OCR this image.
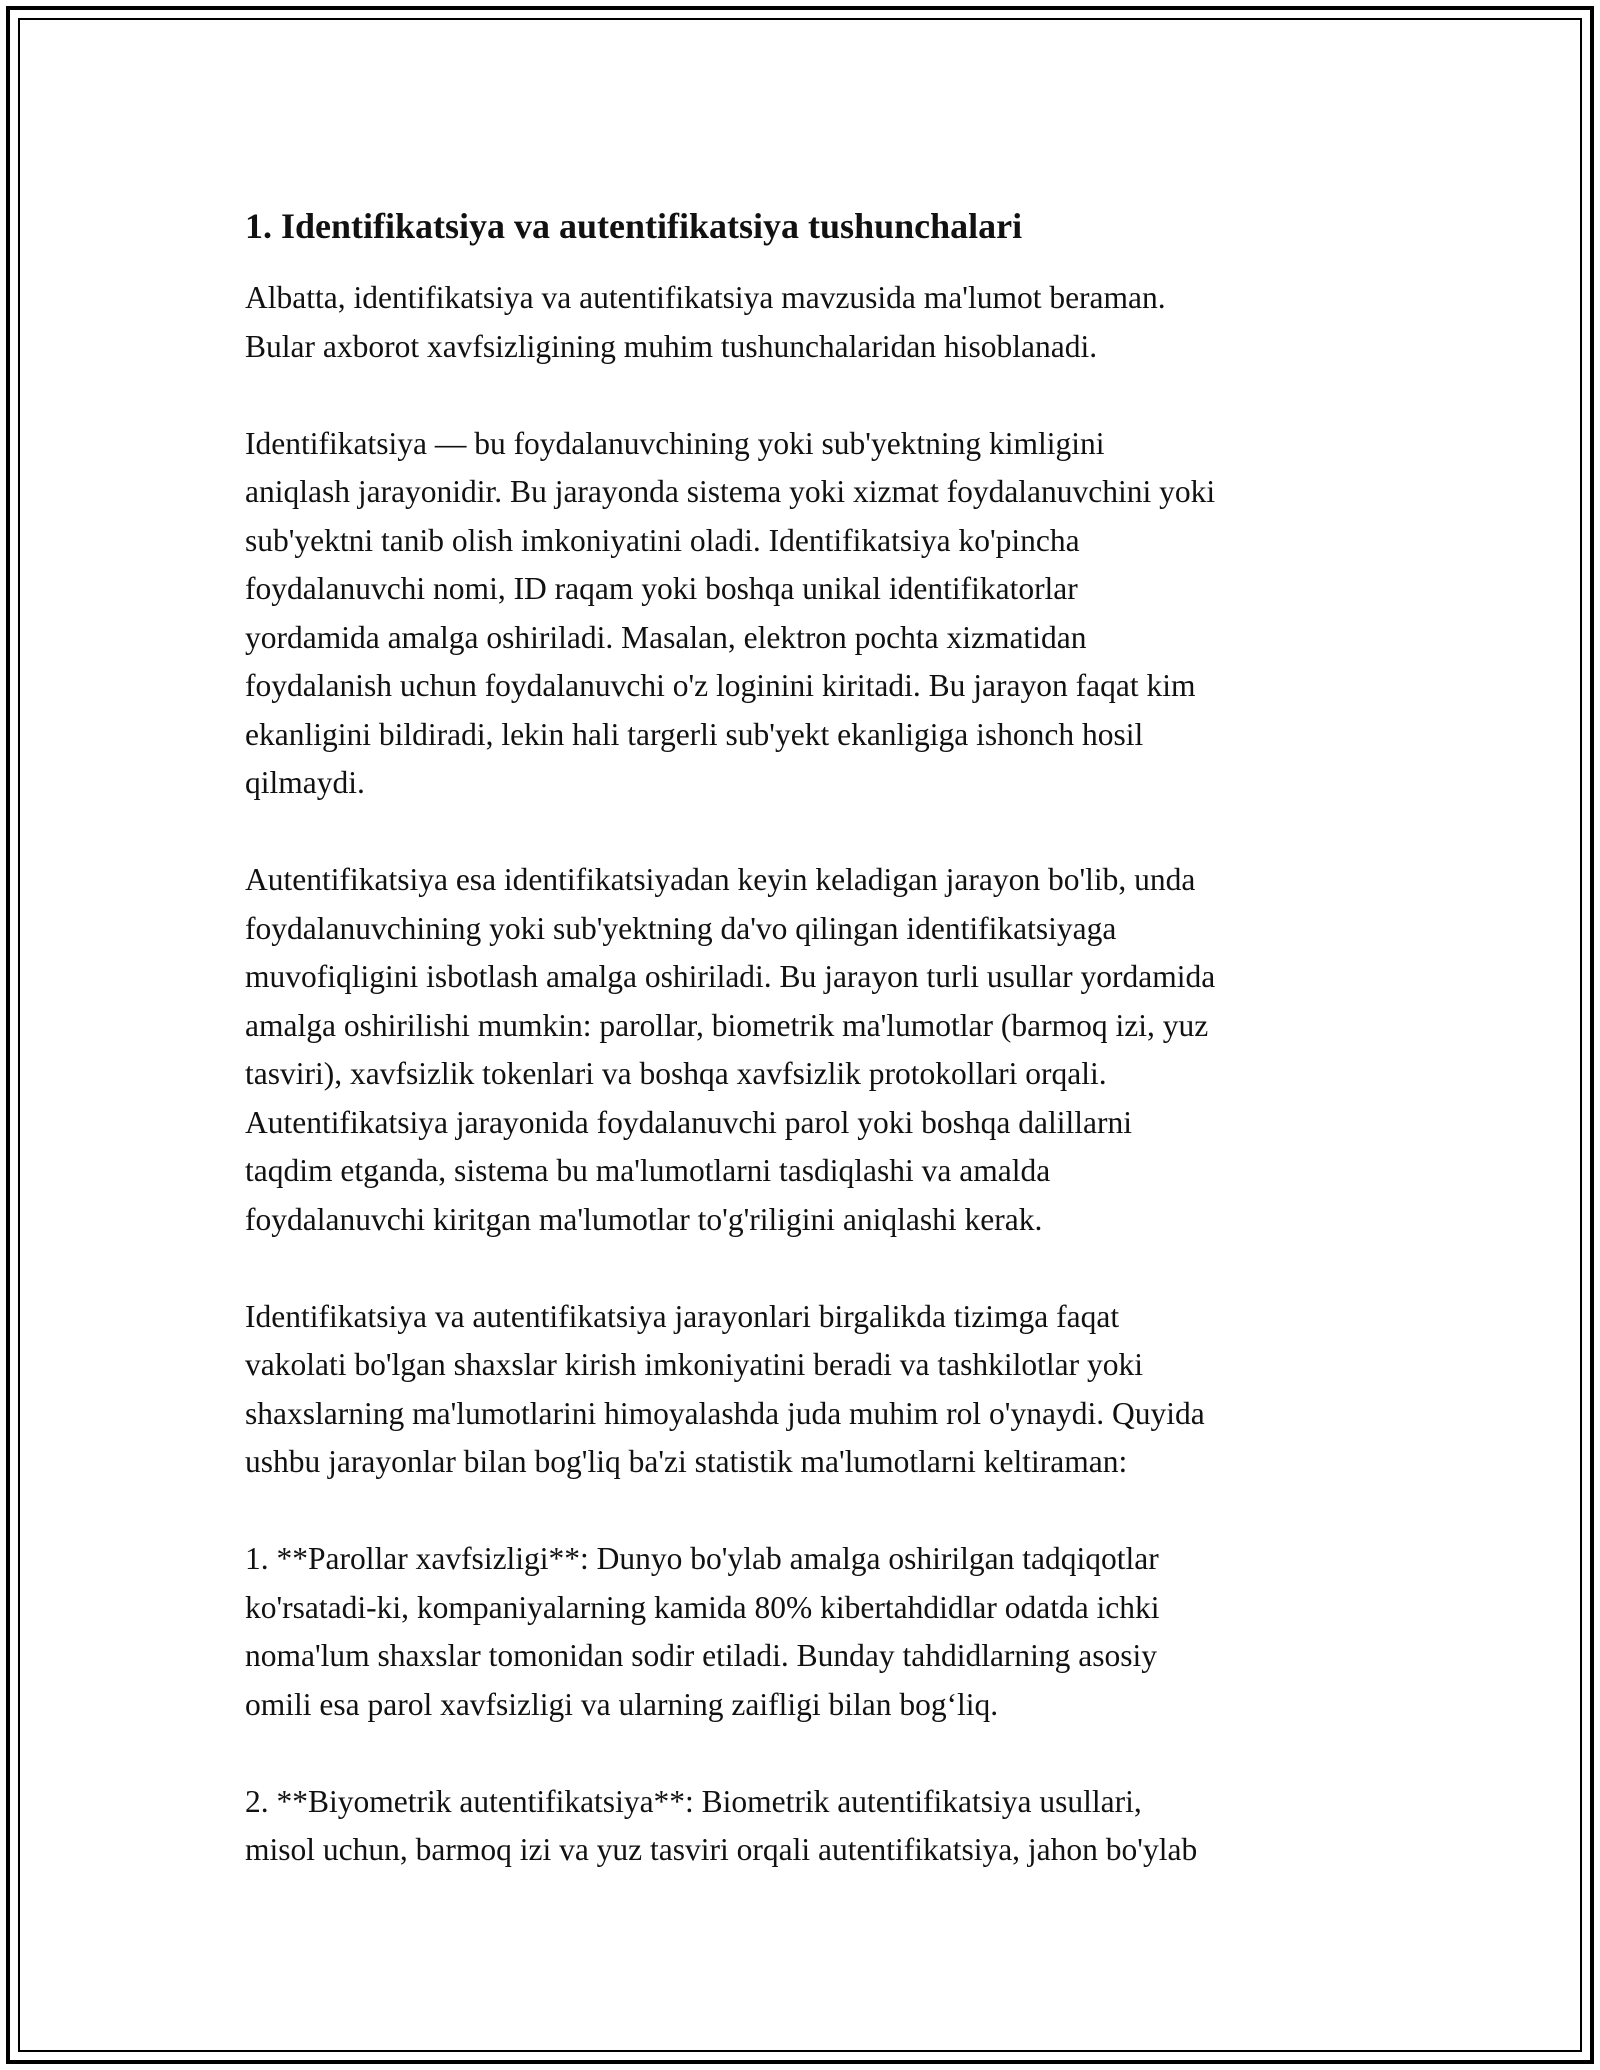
1. Identifikatsiya va autentifikatsiya tushunchalari

Albatta, identifikatsiya va autentifikatsiya mavzusida ma'lumot beraman.
Bular axborot xavfsizligining muhim tushunchalaridan hisoblanadi.

Identifikatsiya — bu foydalanuvchining yoki sub'yektning kimligini
aniqlash jarayonidir. Bu jarayonda sistema yoki xizmat foydalanuvchini yoki
sub'yektni tanib olish imkoniyatini oladi. Identifikatsiya ko'pincha
foydalanuvchi nomi, ID raqam yoki boshqa unikal identifikatorlar
yordamida amalga oshiriladi. Masalan, elektron pochta xizmatidan
foydalanish uchun foydalanuvchi o'z loginini kiritadi. Bu jarayon faqat kim
ekanligini bildiradi, lekin hali targerli sub'yekt ekanligiga ishonch hosil
qilmaydi.

Autentifikatsiya esa identifikatsiyadan keyin keladigan jarayon bo'lib, unda
foydalanuvchining yoki sub'yektning da'vo qilingan identifikatsiyaga
muvofiqligini isbotlash amalga oshiriladi. Bu jarayon turli usullar yordamida
amalga oshirilishi mumkin: parollar, biometrik ma'lumotlar (barmoq izi, yuz
tasviri), xavfsizlik tokenlari va boshqa xavfsizlik protokollari orqali.
Autentifikatsiya jarayonida foydalanuvchi parol yoki boshqa dalillarni
taqdim etganda, sistema bu ma'lumotlarni tasdiqlashi va amalda
foydalanuvchi kiritgan ma'lumotlar to'g'riligini aniqlashi kerak.

Identifikatsiya va autentifikatsiya jarayonlari birgalikda tizimga faqat
vakolati bo'lgan shaxslar kirish imkoniyatini beradi va tashkilotlar yoki
shaxslarning ma'lumotlarini himoyalashda juda muhim rol o'ynaydi. Quyida
ushbu jarayonlar bilan bog'liq ba'zi statistik ma'lumotlarni keltiraman:

1. **Parollar xavfsizligi**: Dunyo bo'ylab amalga oshirilgan tadqiqotlar
ko'rsatadi-ki, kompaniyalarning kamida 80% kibertahdidlar odatda ichki
noma'lum shaxslar tomonidan sodir etiladi. Bunday tahdidlarning asosiy
omili esa parol xavfsizligi va ularning zaifligi bilan bog‘liq.

2. **Biyometrik autentifikatsiya**: Biometrik autentifikatsiya usullari,
misol uchun, barmoq izi va yuz tasviri orqali autentifikatsiya, jahon bo'ylab
